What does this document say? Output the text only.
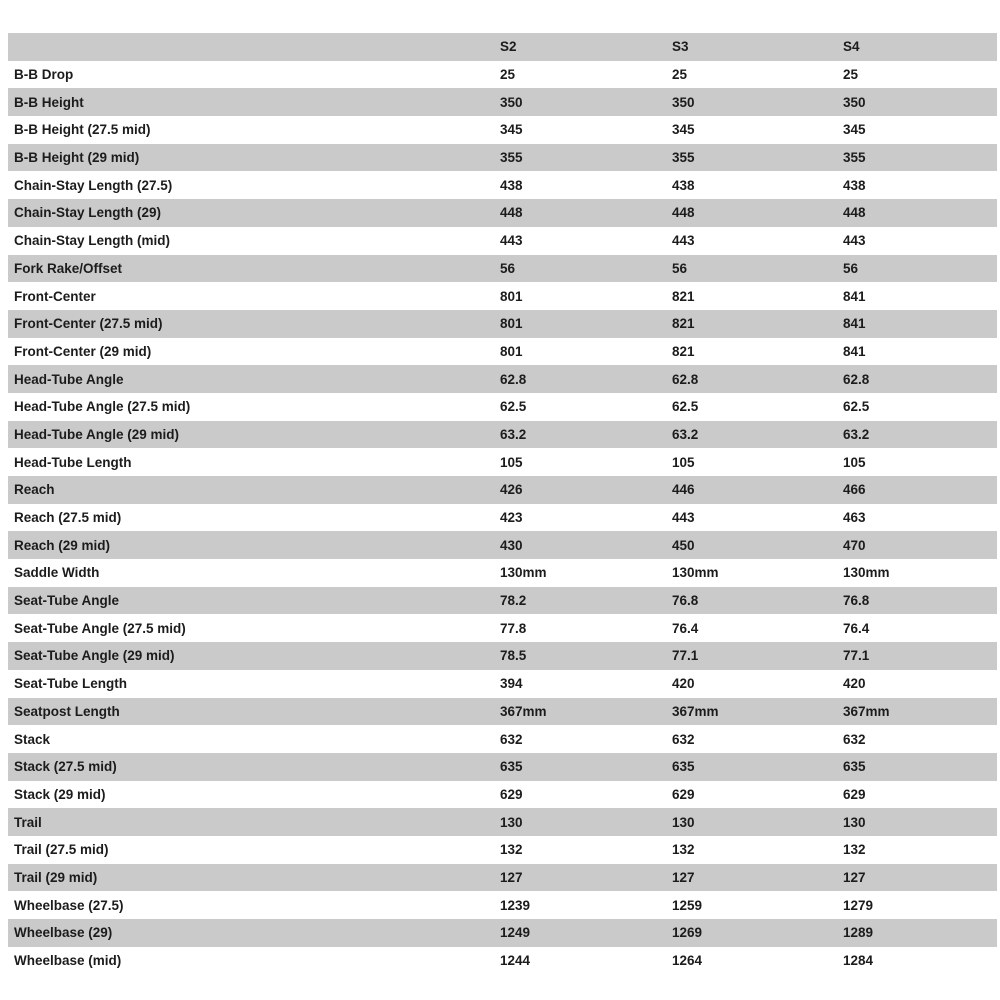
	S2	S3	S4
B-B Drop	25	25	25
B-B Height	350	350	350
B-B Height (27.5 mid)	345	345	345
B-B Height (29 mid)	355	355	355
Chain-Stay Length (27.5)	438	438	438
Chain-Stay Length (29)	448	448	448
Chain-Stay Length (mid)	443	443	443
Fork Rake/Offset	56	56	56
Front-Center	801	821	841
Front-Center (27.5 mid)	801	821	841
Front-Center (29 mid)	801	821	841
Head-Tube Angle	62.8	62.8	62.8
Head-Tube Angle (27.5 mid)	62.5	62.5	62.5
Head-Tube Angle (29 mid)	63.2	63.2	63.2
Head-Tube Length	105	105	105
Reach	426	446	466
Reach (27.5 mid)	423	443	463
Reach (29 mid)	430	450	470
Saddle Width	130mm	130mm	130mm
Seat-Tube Angle	78.2	76.8	76.8
Seat-Tube Angle (27.5 mid)	77.8	76.4	76.4
Seat-Tube Angle (29 mid)	78.5	77.1	77.1
Seat-Tube Length	394	420	420
Seatpost Length	367mm	367mm	367mm
Stack	632	632	632
Stack (27.5 mid)	635	635	635
Stack (29 mid)	629	629	629
Trail	130	130	130
Trail (27.5 mid)	132	132	132
Trail (29 mid)	127	127	127
Wheelbase (27.5)	1239	1259	1279
Wheelbase (29)	1249	1269	1289
Wheelbase (mid)	1244	1264	1284
